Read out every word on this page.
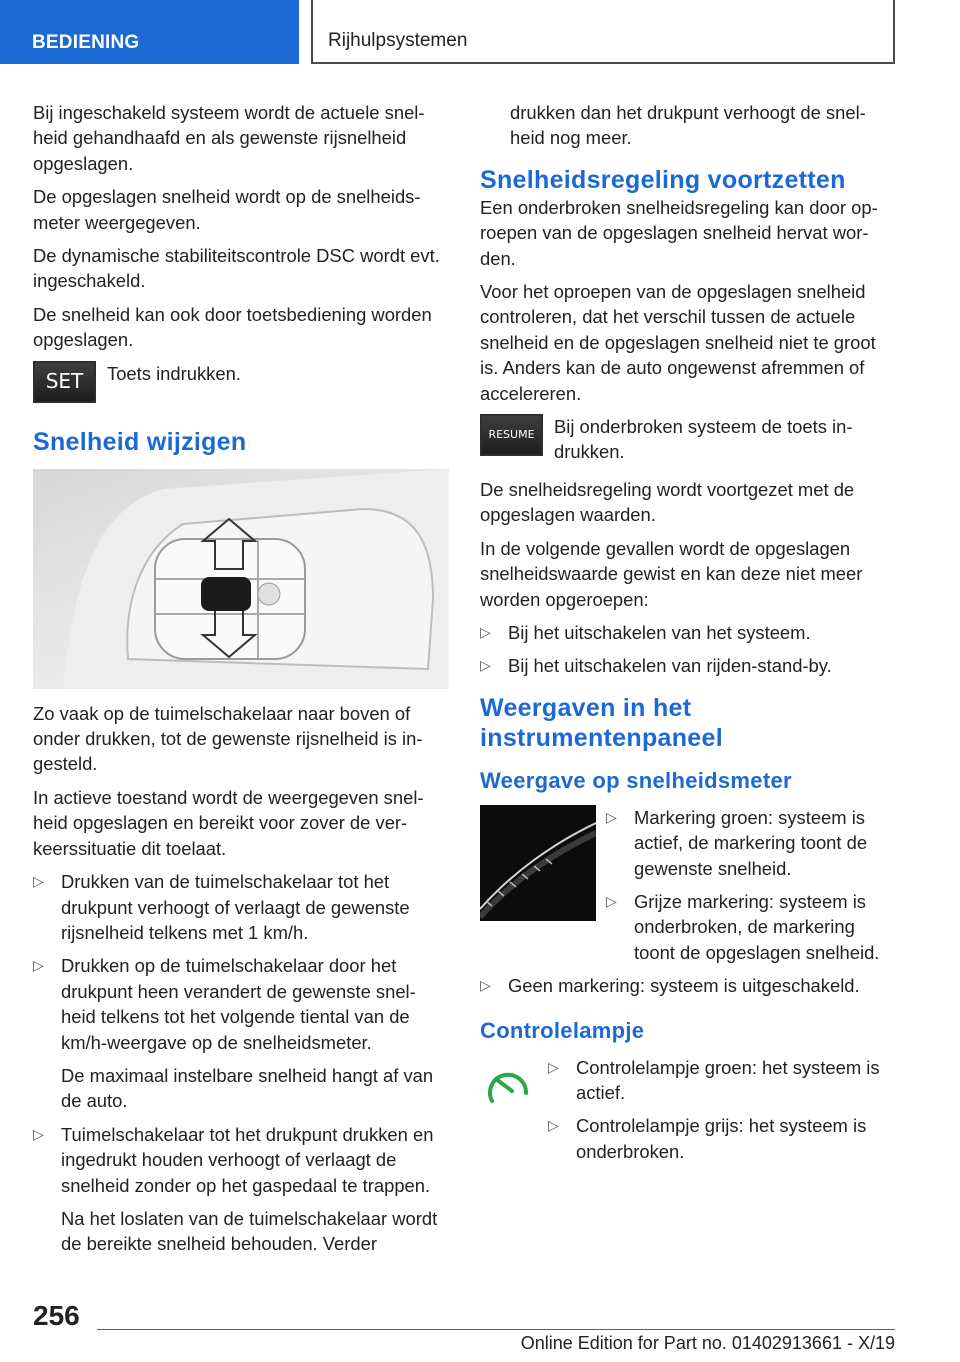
BEDIENING	Rijhulpsystemen

Bij ingeschakeld systeem wordt de actuele snel-heid gehandhaafd en als gewenste rijsnelheid opgeslagen.

De opgeslagen snelheid wordt op de snelheids-meter weergegeven.

De dynamische stabiliteitscontrole DSC wordt evt. ingeschakeld.

De snelheid kan ook door toetsbediening worden opgeslagen.

SET	Toets indrukken.
Snelheid wijzigen

Zo vaak op de tuimelschakelaar naar boven of onder drukken, tot de gewenste rijsnelheid is in-gesteld.

In actieve toestand wordt de weergegeven snel-heid opgeslagen en bereikt voor zover de ver-keerssituatie dit toelaat.

▷ Drukken van de tuimelschakelaar tot het drukpunt verhoogt of verlaagt de gewenste rijsnelheid telkens met 1 km/h.

▷ Drukken op de tuimelschakelaar door het drukpunt heen verandert de gewenste snel-heid telkens tot het volgende tiental van de km/h-weergave op de snelheidsmeter.

De maximaal instelbare snelheid hangt af van de auto.

▷ Tuimelschakelaar tot het drukpunt drukken en ingedrukt houden verhoogt of verlaagt de snelheid zonder op het gaspedaal te trappen.

Na het loslaten van de tuimelschakelaar wordt de bereikte snelheid behouden. Verder

drukken dan het drukpunt verhoogt de snel-heid nog meer.

Snelheidsregeling voortzetten

Een onderbroken snelheidsregeling kan door op-roepen van de opgeslagen snelheid hervat wor-den.

Voor het oproepen van de opgeslagen snelheid controleren, dat het verschil tussen de actuele snelheid en de opgeslagen snelheid niet te groot is. Anders kan de auto ongewenst afremmen of accelereren.

RESUME	Bij onderbroken systeem de toets in-drukken.

De snelheidsregeling wordt voortgezet met de opgeslagen waarden.

In de volgende gevallen wordt de opgeslagen snelheidswaarde gewist en kan deze niet meer worden opgeroepen:

▷ Bij het uitschakelen van het systeem.

▷ Bij het uitschakelen van rijden-stand-by.

Weergaven in het instrumentenpaneel
Weergave op snelheidsmeter
▷ Markering groen: systeem is actief, de markering toont de gewenste snelheid.

▷ Grijze markering: systeem is onderbroken, de markering toont de opgeslagen snelheid.

▷ Geen markering: systeem is uitgeschakeld.

Controlelampje
▷ Controlelampje groen: het systeem is actief.

▷ Controlelampje grijs: het systeem is onderbroken.

256
Online Edition for Part no. 01402913661 - X/19
